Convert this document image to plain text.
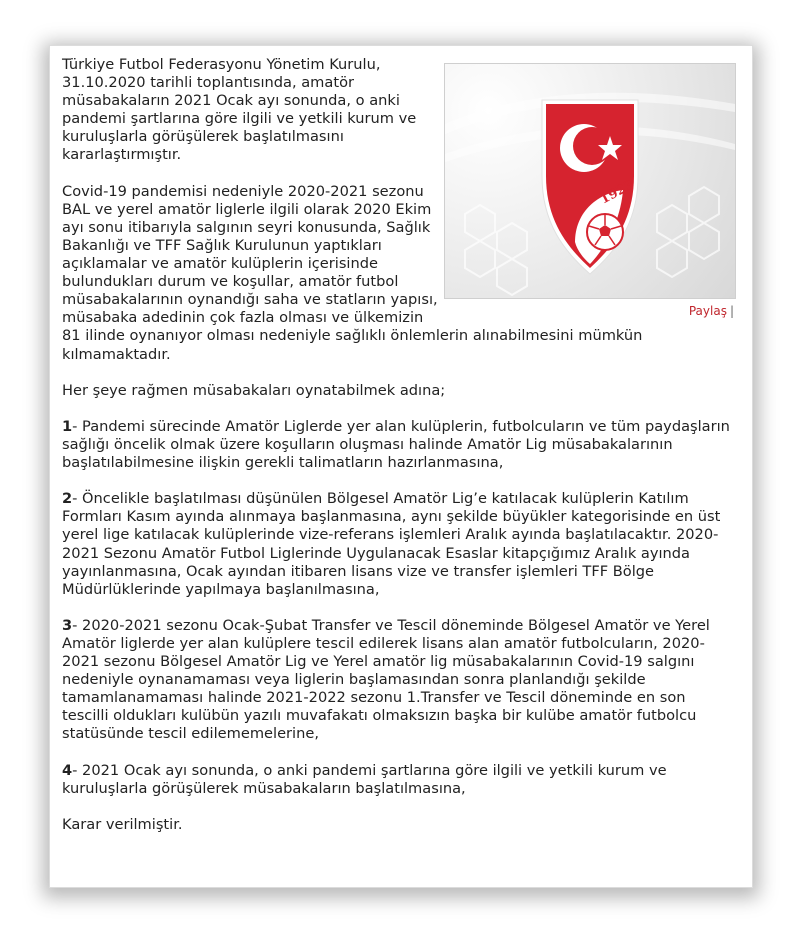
1923
Paylaş |

Türkiye Futbol Federasyonu Yönetim Kurulu, 31.10.2020 tarihli toplantısında, amatör müsabakaların 2021 Ocak ayı sonunda, o anki pandemi şartlarına göre ilgili ve yetkili kurum ve kuruluşlarla görüşülerek başlatılmasını kararlaştırmıştır.

Covid-19 pandemisi nedeniyle 2020-2021 sezonu BAL ve yerel amatör liglerle ilgili olarak 2020 Ekim ayı sonu itibarıyla salgının seyri konusunda, Sağlık Bakanlığı ve TFF Sağlık Kurulunun yaptıkları açıklamalar ve amatör kulüplerin içerisinde bulundukları durum ve koşullar, amatör futbol müsabakalarının oynandığı saha ve statların yapısı, müsabaka adedinin çok fazla olması ve ülkemizin 81 ilinde oynanıyor olması nedeniyle sağlıklı önlemlerin alınabilmesini mümkün kılmamaktadır.

Her şeye rağmen müsabakaları oynatabilmek adına;

1- Pandemi sürecinde Amatör Liglerde yer alan kulüplerin, futbolcuların ve tüm paydaşların sağlığı öncelik olmak üzere koşulların oluşması halinde Amatör Lig müsabakalarının başlatılabilmesine ilişkin gerekli talimatların hazırlanmasına,

2- Öncelikle başlatılması düşünülen Bölgesel Amatör Lig’e katılacak kulüplerin Katılım Formları Kasım ayında alınmaya başlanmasına, aynı şekilde büyükler kategorisinde en üst yerel lige katılacak kulüplerinde vize-referans işlemleri Aralık ayında başlatılacaktır. 2020-2021 Sezonu Amatör Futbol Liglerinde Uygulanacak Esaslar kitapçığımız Aralık ayında yayınlanmasına, Ocak ayından itibaren lisans vize ve transfer işlemleri TFF Bölge Müdürlüklerinde yapılmaya başlanılmasına,

3- 2020-2021 sezonu Ocak-Şubat Transfer ve Tescil döneminde Bölgesel Amatör ve Yerel Amatör liglerde yer alan kulüplere tescil edilerek lisans alan amatör futbolcuların, 2020-2021 sezonu Bölgesel Amatör Lig ve Yerel amatör lig müsabakalarının Covid-19 salgını nedeniyle oynanamaması veya liglerin başlamasından sonra planlandığı şekilde tamamlanamaması halinde 2021-2022 sezonu 1.Transfer ve Tescil döneminde en son tescilli oldukları kulübün yazılı muvafakatı olmaksızın başka bir kulübe amatör futbolcu statüsünde tescil edilememelerine,

4- 2021 Ocak ayı sonunda, o anki pandemi şartlarına göre ilgili ve yetkili kurum ve kuruluşlarla görüşülerek müsabakaların başlatılmasına,

Karar verilmiştir.
